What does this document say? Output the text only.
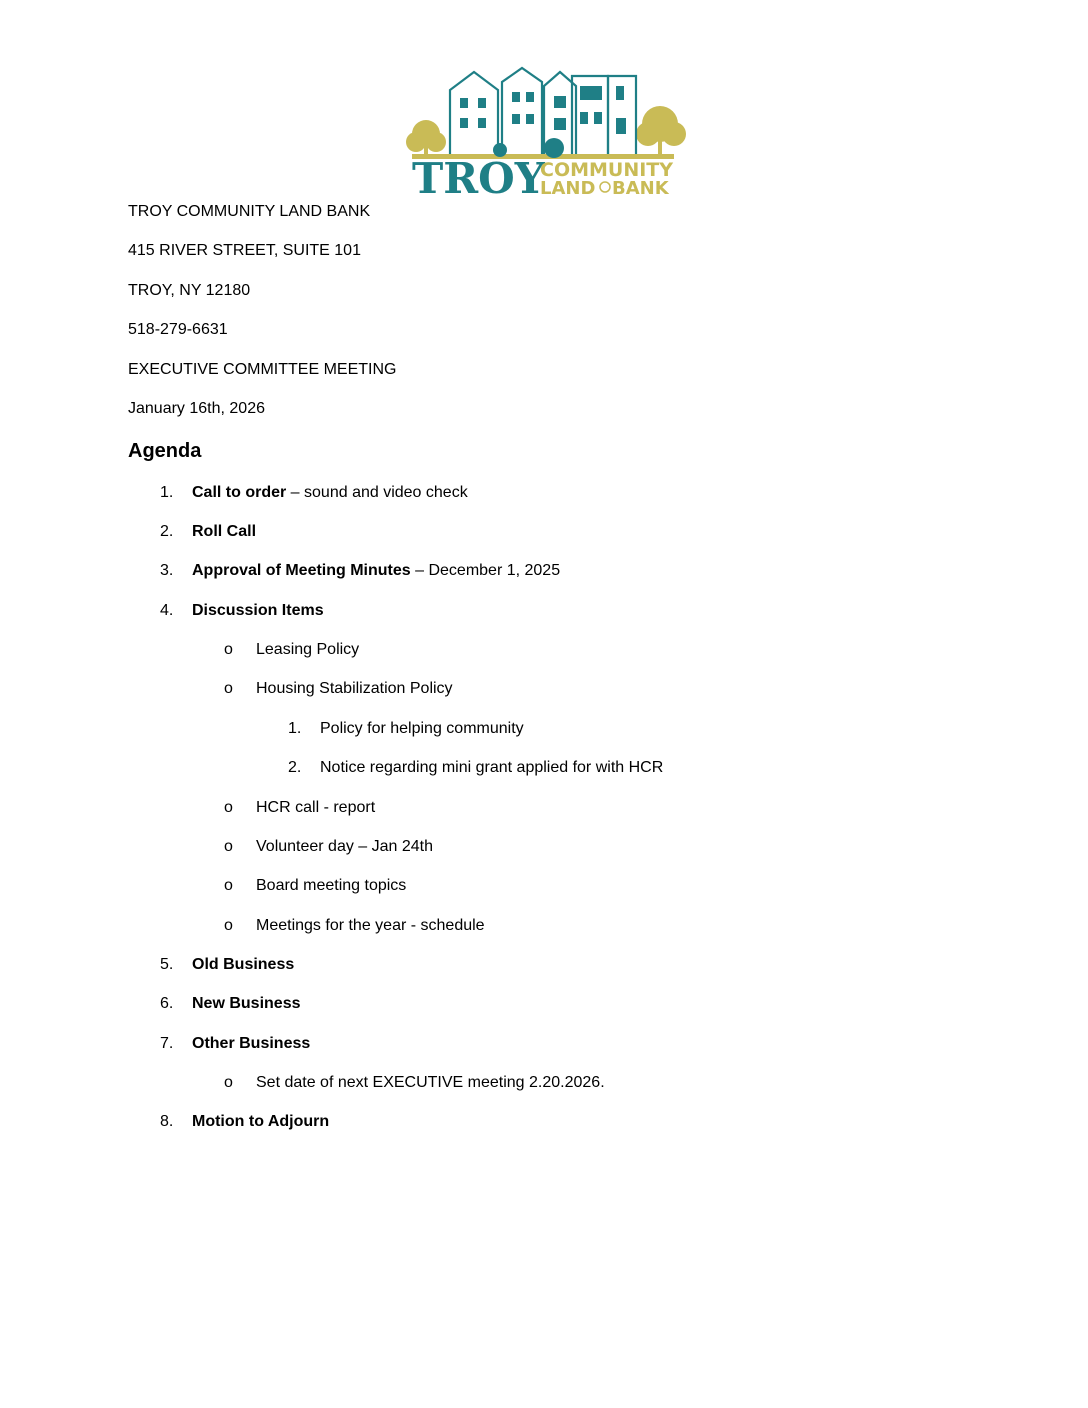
TROY
COMMUNITY
LAND BANK
TROY COMMUNITY LAND BANK
415 RIVER STREET, SUITE 101
TROY, NY 12180
518-279-6631
EXECUTIVE COMMITTEE MEETING
January 16th, 2026
Agenda
1. Call to order – sound and video check
2. Roll Call
3. Approval of Meeting Minutes – December 1, 2025
4. Discussion Items
o Leasing Policy
o Housing Stabilization Policy
1. Policy for helping community
2. Notice regarding mini grant applied for with HCR
o HCR call - report
o Volunteer day – Jan 24th
o Board meeting topics
o Meetings for the year - schedule
5. Old Business
6. New Business
7. Other Business
o Set date of next EXECUTIVE meeting 2.20.2026.
8. Motion to Adjourn
